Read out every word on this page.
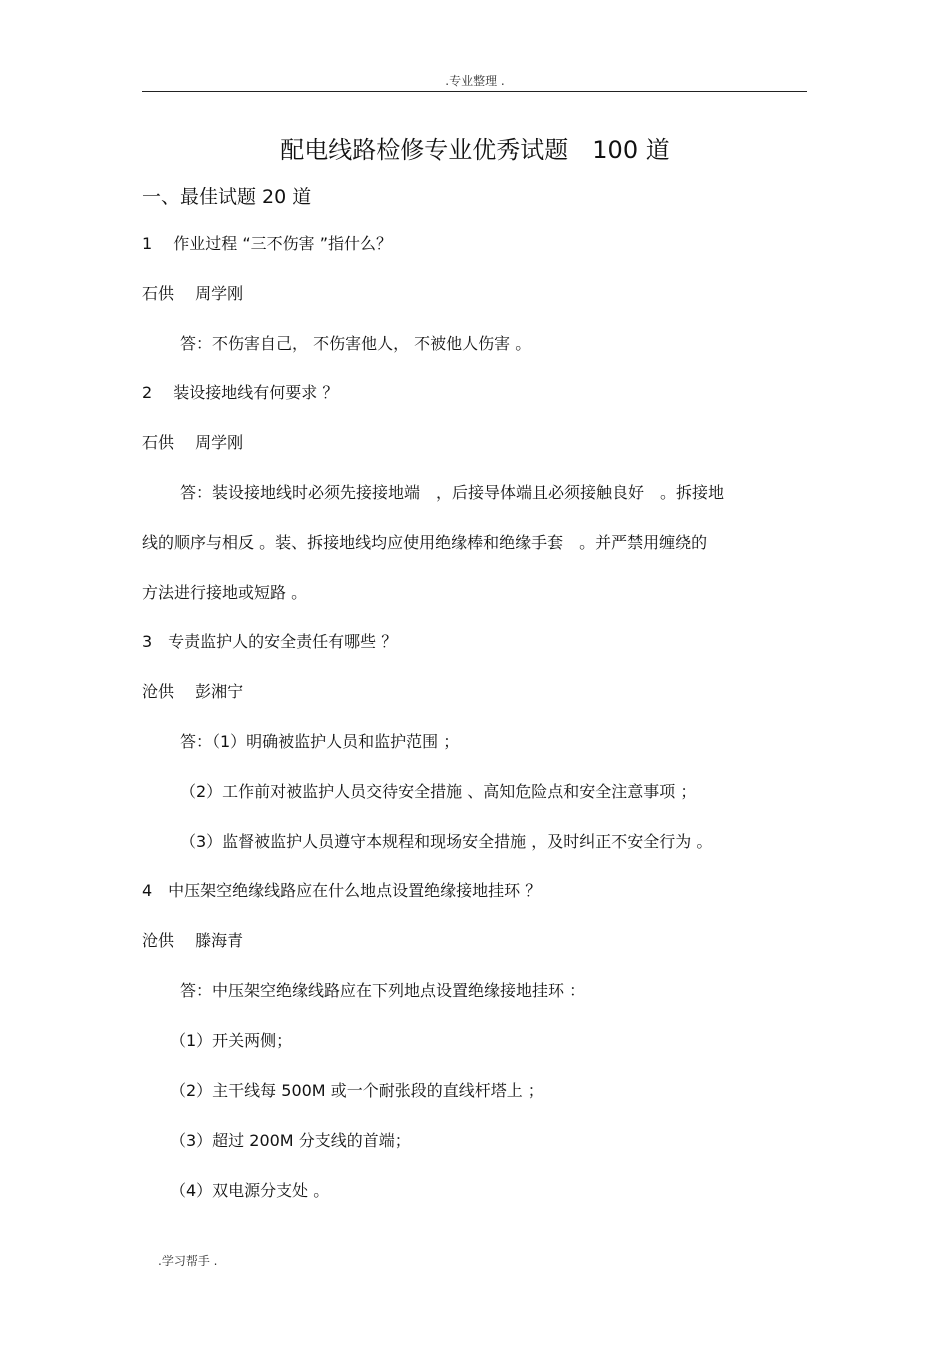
.专业整理 .
配电线路检修专业优秀试题　100 道
一、最佳试题 20 道
1　 作业过程 “三不伤害 ”指什么？
石供　 周学刚
答：不伤害自己， 不伤害他人， 不被他人伤害 。
2　 装设接地线有何要求 ？
石供　 周学刚
答：装设接地线时必须先接接地端　，后接导体端且必须接触良好　。拆接地
线的顺序与相反 。装、拆接地线均应使用绝缘棒和绝缘手套　。并严禁用缠绕的
方法进行接地或短路 。
3　专责监护人的安全责任有哪些 ？
沧供　 彭湘宁
答：（1）明确被监护人员和监护范围 ；
（2）工作前对被监护人员交待安全措施 、高知危险点和安全注意事项 ；
（3）监督被监护人员遵守本规程和现场安全措施 ，及时纠正不安全行为 。
4　中压架空绝缘线路应在什么地点设置绝缘接地挂环 ？
沧供　 滕海青
答：中压架空绝缘线路应在下列地点设置绝缘接地挂环 ：
（1）开关两侧；
（2）主干线每 500M 或一个耐张段的直线杆塔上 ；
（3）超过 200M 分支线的首端；
（4）双电源分支处 。
.学习帮手 .
